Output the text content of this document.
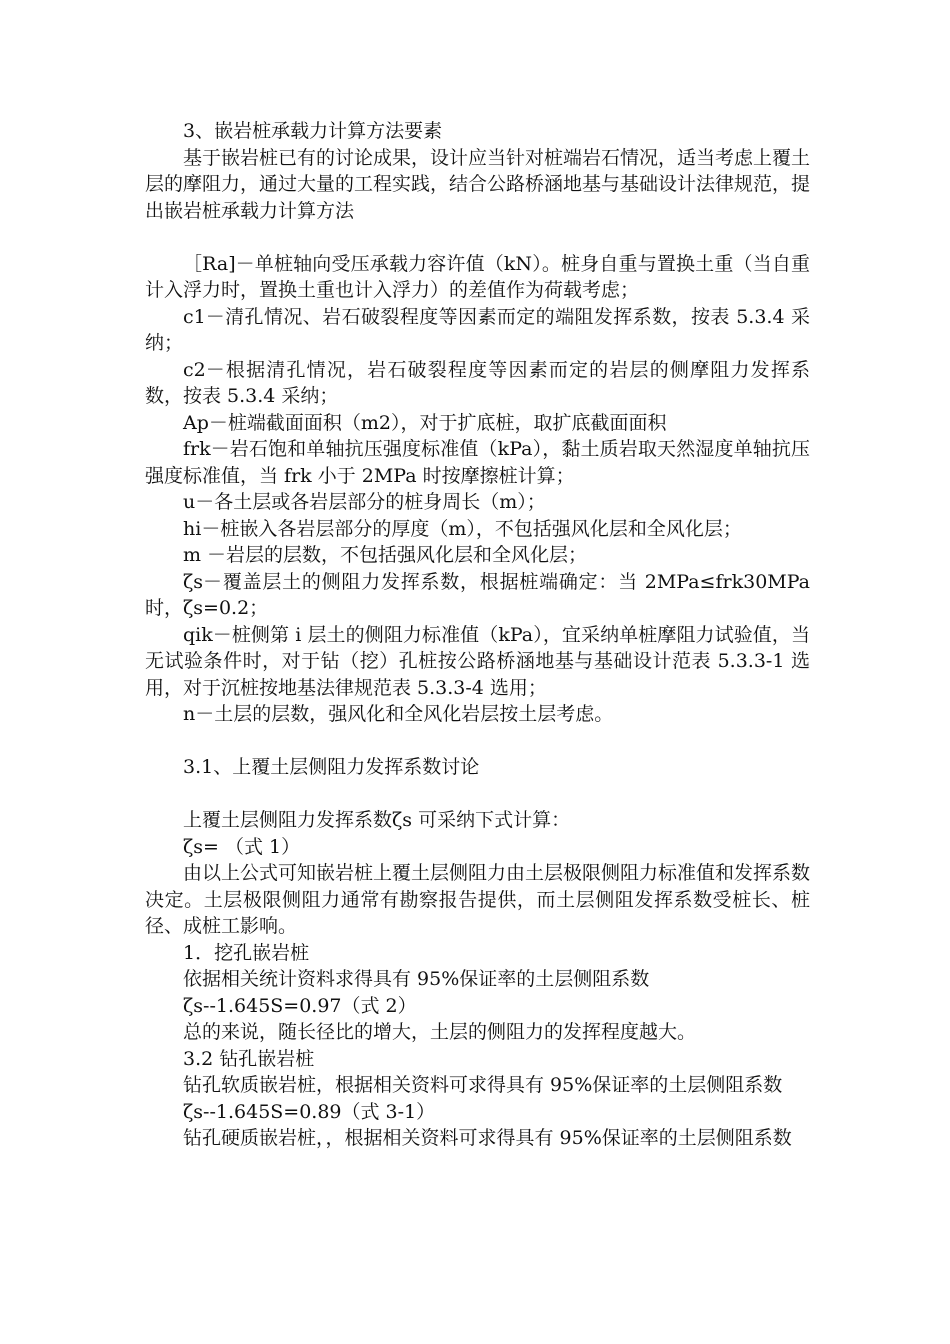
3、嵌岩桩承载力计算方法要素

基于嵌岩桩已有的讨论成果，设计应当针对桩端岩石情况，适当考虑上覆土层的摩阻力，通过大量的工程实践，结合公路桥涵地基与基础设计法律规范，提出嵌岩桩承载力计算方法

［Ra]－单桩轴向受压承载力容许值（kN）。桩身自重与置换土重（当自重计入浮力时，置换土重也计入浮力）的差值作为荷载考虑；

c1－清孔情况、岩石破裂程度等因素而定的端阻发挥系数，按表 5.3.4 采纳；

c2－根据清孔情况，岩石破裂程度等因素而定的岩层的侧摩阻力发挥系数，按表 5.3.4 采纳；

Ap－桩端截面面积（m2），对于扩底桩，取扩底截面面积

frk－岩石饱和单轴抗压强度标准值（kPa），黏土质岩取天然湿度单轴抗压强度标准值，当 frk 小于 2MPa 时按摩擦桩计算；

u－各土层或各岩层部分的桩身周长（m）；

hi－桩嵌入各岩层部分的厚度（m），不包括强风化层和全风化层；

m －岩层的层数，不包括强风化层和全风化层；

ζs－覆盖层土的侧阻力发挥系数，根据桩端确定：当 2MPa≤frk30MPa 时，ζs=0.2；

qik－桩侧第 i 层土的侧阻力标准值（kPa），宜采纳单桩摩阻力试验值，当无试验条件时，对于钻（挖）孔桩按公路桥涵地基与基础设计范表 5.3.3-1 选用，对于沉桩按地基法律规范表 5.3.3-4 选用；

n－土层的层数，强风化和全风化岩层按土层考虑。

3.1、上覆土层侧阻力发挥系数讨论

上覆土层侧阻力发挥系数ζs 可采纳下式计算：

ζs= （式 1）

由以上公式可知嵌岩桩上覆土层侧阻力由土层极限侧阻力标准值和发挥系数决定。土层极限侧阻力通常有勘察报告提供，而土层侧阻发挥系数受桩长、桩径、成桩工影响。

1．挖孔嵌岩桩

依据相关统计资料求得具有 95%保证率的土层侧阻系数

ζs--1.645S=0.97（式 2）

总的来说，随长径比的增大，土层的侧阻力的发挥程度越大。

3.2 钻孔嵌岩桩

钻孔软质嵌岩桩，根据相关资料可求得具有 95%保证率的土层侧阻系数

ζs--1.645S=0.89（式 3-1）

钻孔硬质嵌岩桩，，根据相关资料可求得具有 95%保证率的土层侧阻系数
